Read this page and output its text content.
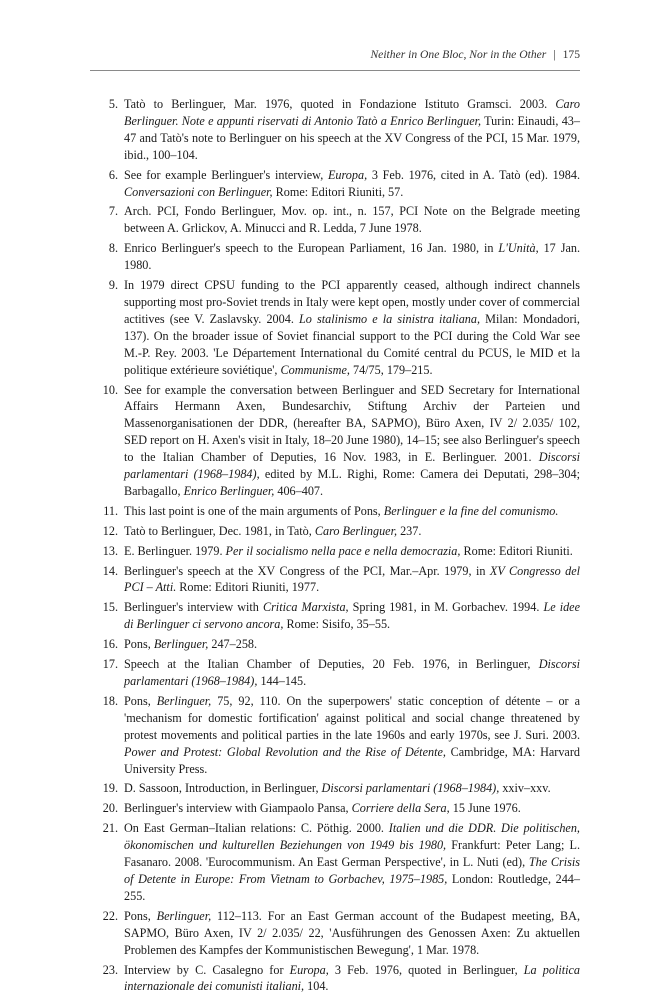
Neither in One Bloc, Nor in the Other | 175
5. Tatò to Berlinguer, Mar. 1976, quoted in Fondazione Istituto Gramsci. 2003. Caro Berlinguer. Note e appunti riservati di Antonio Tatò a Enrico Berlinguer, Turin: Einaudi, 43–47 and Tatò's note to Berlinguer on his speech at the XV Congress of the PCI, 15 Mar. 1979, ibid., 100–104.
6. See for example Berlinguer's interview, Europa, 3 Feb. 1976, cited in A. Tatò (ed). 1984. Conversazioni con Berlinguer, Rome: Editori Riuniti, 57.
7. Arch. PCI, Fondo Berlinguer, Mov. op. int., n. 157, PCI Note on the Belgrade meeting between A. Grlickov, A. Minucci and R. Ledda, 7 June 1978.
8. Enrico Berlinguer's speech to the European Parliament, 16 Jan. 1980, in L'Unità, 17 Jan. 1980.
9. In 1979 direct CPSU funding to the PCI apparently ceased, although indirect channels supporting most pro-Soviet trends in Italy were kept open, mostly under cover of commercial actitives (see V. Zaslavsky. 2004. Lo stalinismo e la sinistra italiana, Milan: Mondadori, 137). On the broader issue of Soviet financial support to the PCI during the Cold War see M.-P. Rey. 2003. 'Le Département International du Comité central du PCUS, le MID et la politique extérieure soviétique', Communisme, 74/75, 179–215.
10. See for example the conversation between Berlinguer and SED Secretary for International Affairs Hermann Axen, Bundesarchiv, Stiftung Archiv der Parteien und Massenorganisationen der DDR, (hereafter BA, SAPMO), Büro Axen, IV 2/ 2.035/ 102, SED report on H. Axen's visit in Italy, 18–20 June 1980), 14–15; see also Berlinguer's speech to the Italian Chamber of Deputies, 16 Nov. 1983, in E. Berlinguer. 2001. Discorsi parlamentari (1968–1984), edited by M.L. Righi, Rome: Camera dei Deputati, 298–304; Barbagallo, Enrico Berlinguer, 406–407.
11. This last point is one of the main arguments of Pons, Berlinguer e la fine del comunismo.
12. Tatò to Berlinguer, Dec. 1981, in Tatò, Caro Berlinguer, 237.
13. E. Berlinguer. 1979. Per il socialismo nella pace e nella democrazia, Rome: Editori Riuniti.
14. Berlinguer's speech at the XV Congress of the PCI, Mar.–Apr. 1979, in XV Congresso del PCI – Atti. Rome: Editori Riuniti, 1977.
15. Berlinguer's interview with Critica Marxista, Spring 1981, in M. Gorbachev. 1994. Le idee di Berlinguer ci servono ancora, Rome: Sisifo, 35–55.
16. Pons, Berlinguer, 247–258.
17. Speech at the Italian Chamber of Deputies, 20 Feb. 1976, in Berlinguer, Discorsi parlamentari (1968–1984), 144–145.
18. Pons, Berlinguer, 75, 92, 110. On the superpowers' static conception of détente – or a 'mechanism for domestic fortification' against political and social change threatened by protest movements and political parties in the late 1960s and early 1970s, see J. Suri. 2003. Power and Protest: Global Revolution and the Rise of Détente, Cambridge, MA: Harvard University Press.
19. D. Sassoon, Introduction, in Berlinguer, Discorsi parlamentari (1968–1984), xxiv–xxv.
20. Berlinguer's interview with Giampaolo Pansa, Corriere della Sera, 15 June 1976.
21. On East German–Italian relations: C. Pöthig. 2000. Italien und die DDR. Die politischen, ökonomischen und kulturellen Beziehungen von 1949 bis 1980, Frankfurt: Peter Lang; L. Fasanaro. 2008. 'Eurocommunism. An East German Perspective', in L. Nuti (ed), The Crisis of Detente in Europe: From Vietnam to Gorbachev, 1975–1985, London: Routledge, 244–255.
22. Pons, Berlinguer, 112–113. For an East German account of the Budapest meeting, BA, SAPMO, Büro Axen, IV 2/ 2.035/ 22, 'Ausführungen des Genossen Axen: Zu aktuellen Problemen des Kampfes der Kommunistischen Bewegung', 1 Mar. 1978.
23. Interview by C. Casalegno for Europa, 3 Feb. 1976, quoted in Berlinguer, La politica internazionale dei comunisti italiani, 104.
